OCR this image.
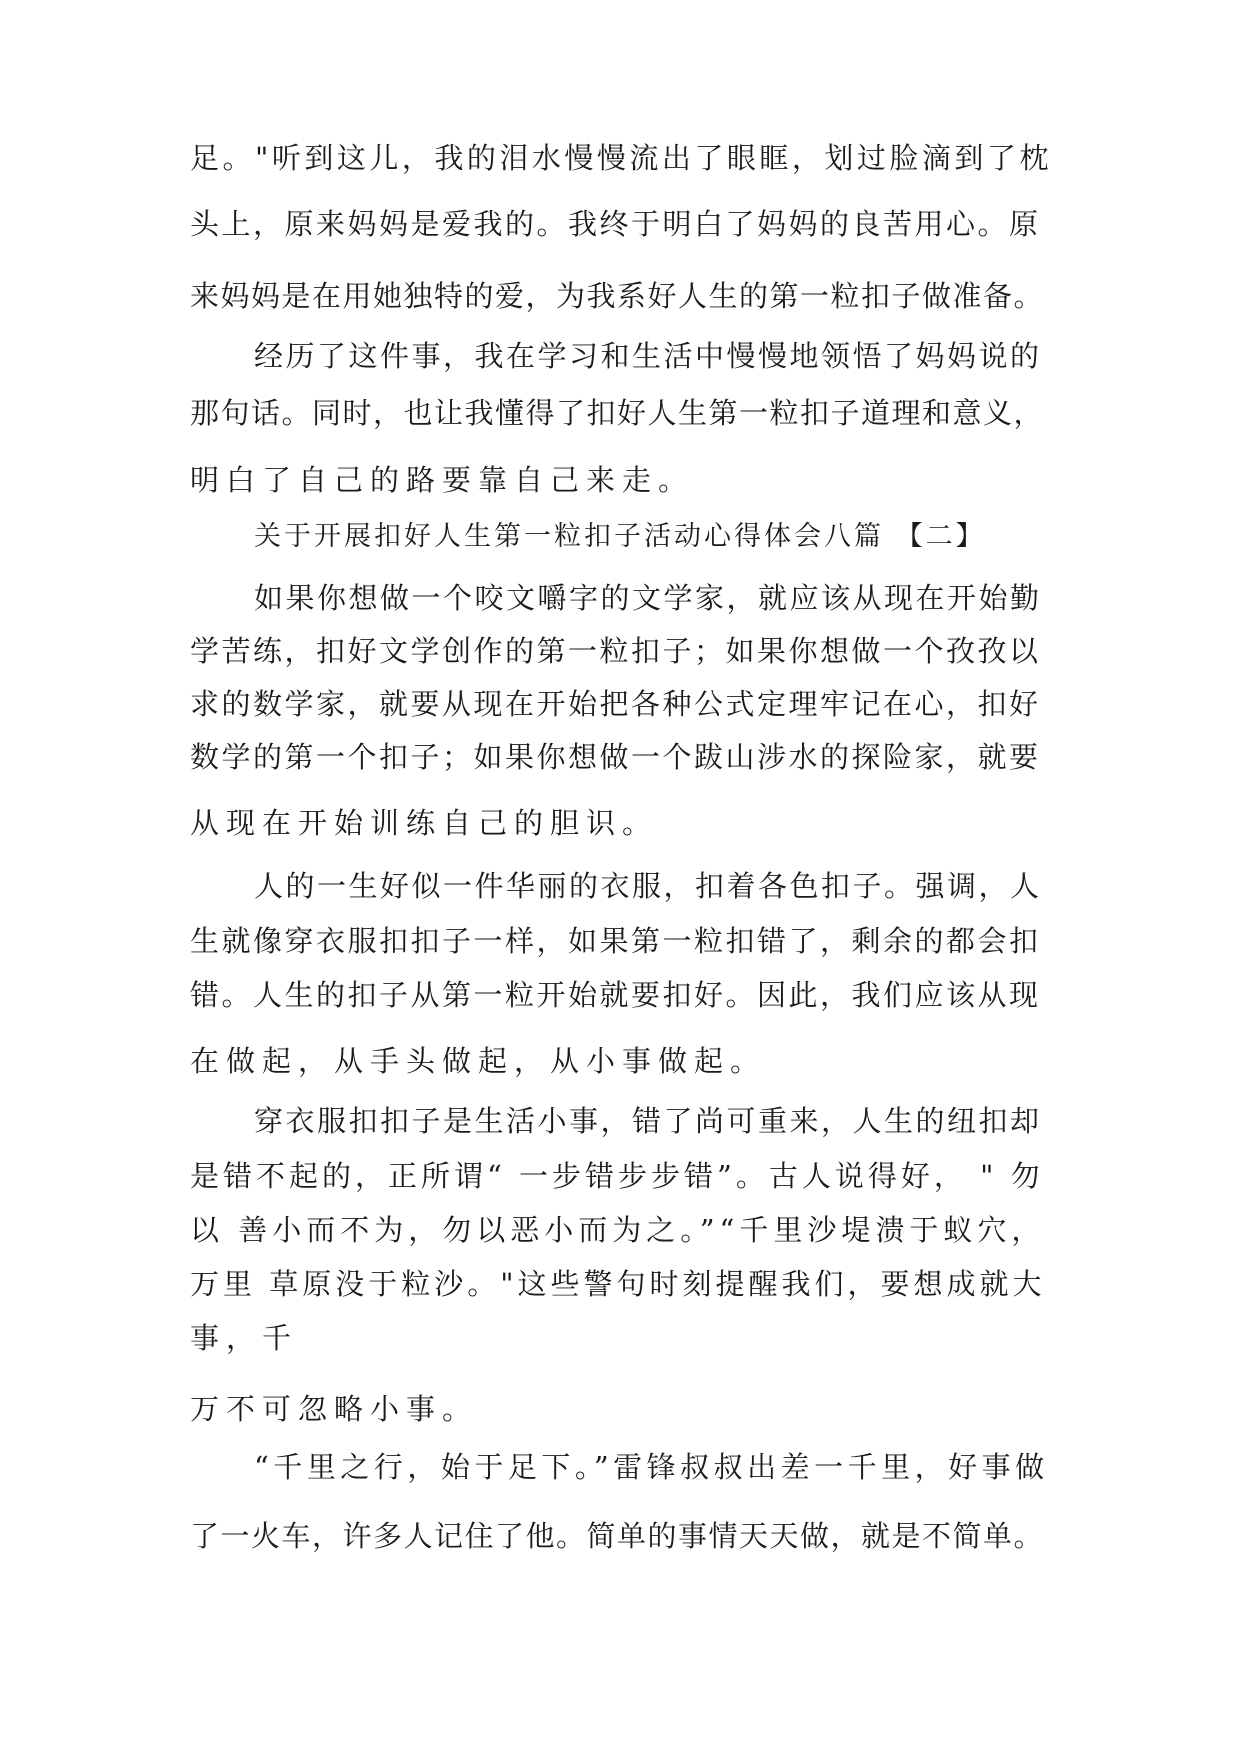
足。"听到这儿，我的泪水慢慢流出了眼眶，划过脸滴到了枕
头上，原来妈妈是爱我的。我终于明白了妈妈的良苦用心。原
来妈妈是在用她独特的爱，为我系好人生的第一粒扣子做准备。
经历了这件事，我在学习和生活中慢慢地领悟了妈妈说的
那句话。同时，也让我懂得了扣好人生第一粒扣子道理和意义，
明白了自己的路要靠自己来走。
关于开展扣好人生第一粒扣子活动心得体会八篇 【二】
如果你想做一个咬文嚼字的文学家，就应该从现在开始勤
学苦练，扣好文学创作的第一粒扣子；如果你想做一个孜孜以
求的数学家，就要从现在开始把各种公式定理牢记在心，扣好
数学的第一个扣子；如果你想做一个跋山涉水的探险家，就要
从现在开始训练自己的胆识。
人的一生好似一件华丽的衣服，扣着各色扣子。强调，人
生就像穿衣服扣扣子一样，如果第一粒扣错了，剩余的都会扣
错。人生的扣子从第一粒开始就要扣好。因此，我们应该从现
在做起，从手头做起，从小事做起。
穿衣服扣扣子是生活小事，错了尚可重来，人生的纽扣却
是错不起的，正所谓“ 一步错步步错”。古人说得好， " 勿
以 善小而不为，勿以恶小而为之。”“千里沙堤溃于蚁穴，
万里 草原没于粒沙。"这些警句时刻提醒我们，要想成就大
事，千
万不可忽略小事。
“千里之行，始于足下。”雷锋叔叔出差一千里，好事做
了一火车，许多人记住了他。简单的事情天天做，就是不简单。
